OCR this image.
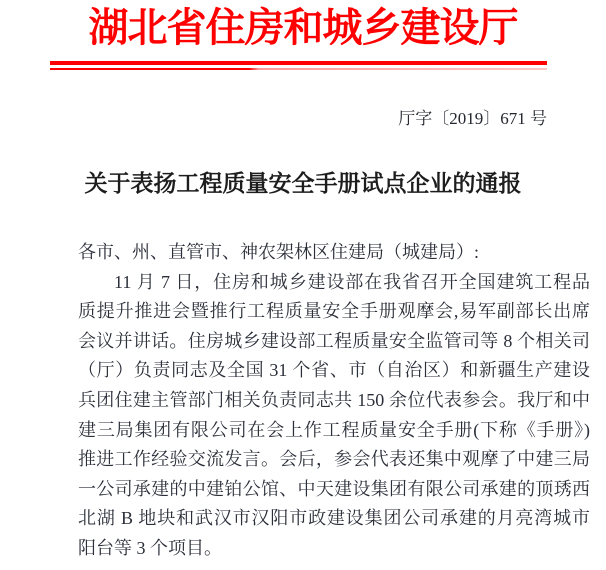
湖北省住房和城乡建设厅
厅字〔2019〕671 号
关于表扬工程质量安全手册试点企业的通报
各市、州、直管市、神农架林区住建局（城建局）:
11 月 7 日，住房和城乡建设部在我省召开全国建筑工程品
质提升推进会暨推行工程质量安全手册观摩会,易军副部长出席
会议并讲话。住房城乡建设部工程质量安全监管司等 8 个相关司
（厅）负责同志及全国 31 个省、市（自治区）和新疆生产建设
兵团住建主管部门相关负责同志共 150 余位代表参会。我厅和中
建三局集团有限公司在会上作工程质量安全手册(下称《手册》)
推进工作经验交流发言。会后，参会代表还集中观摩了中建三局
一公司承建的中建铂公馆、中天建设集团有限公司承建的顶琇西
北湖 B 地块和武汉市汉阳市政建设集团公司承建的月亮湾城市
阳台等 3 个项目。
